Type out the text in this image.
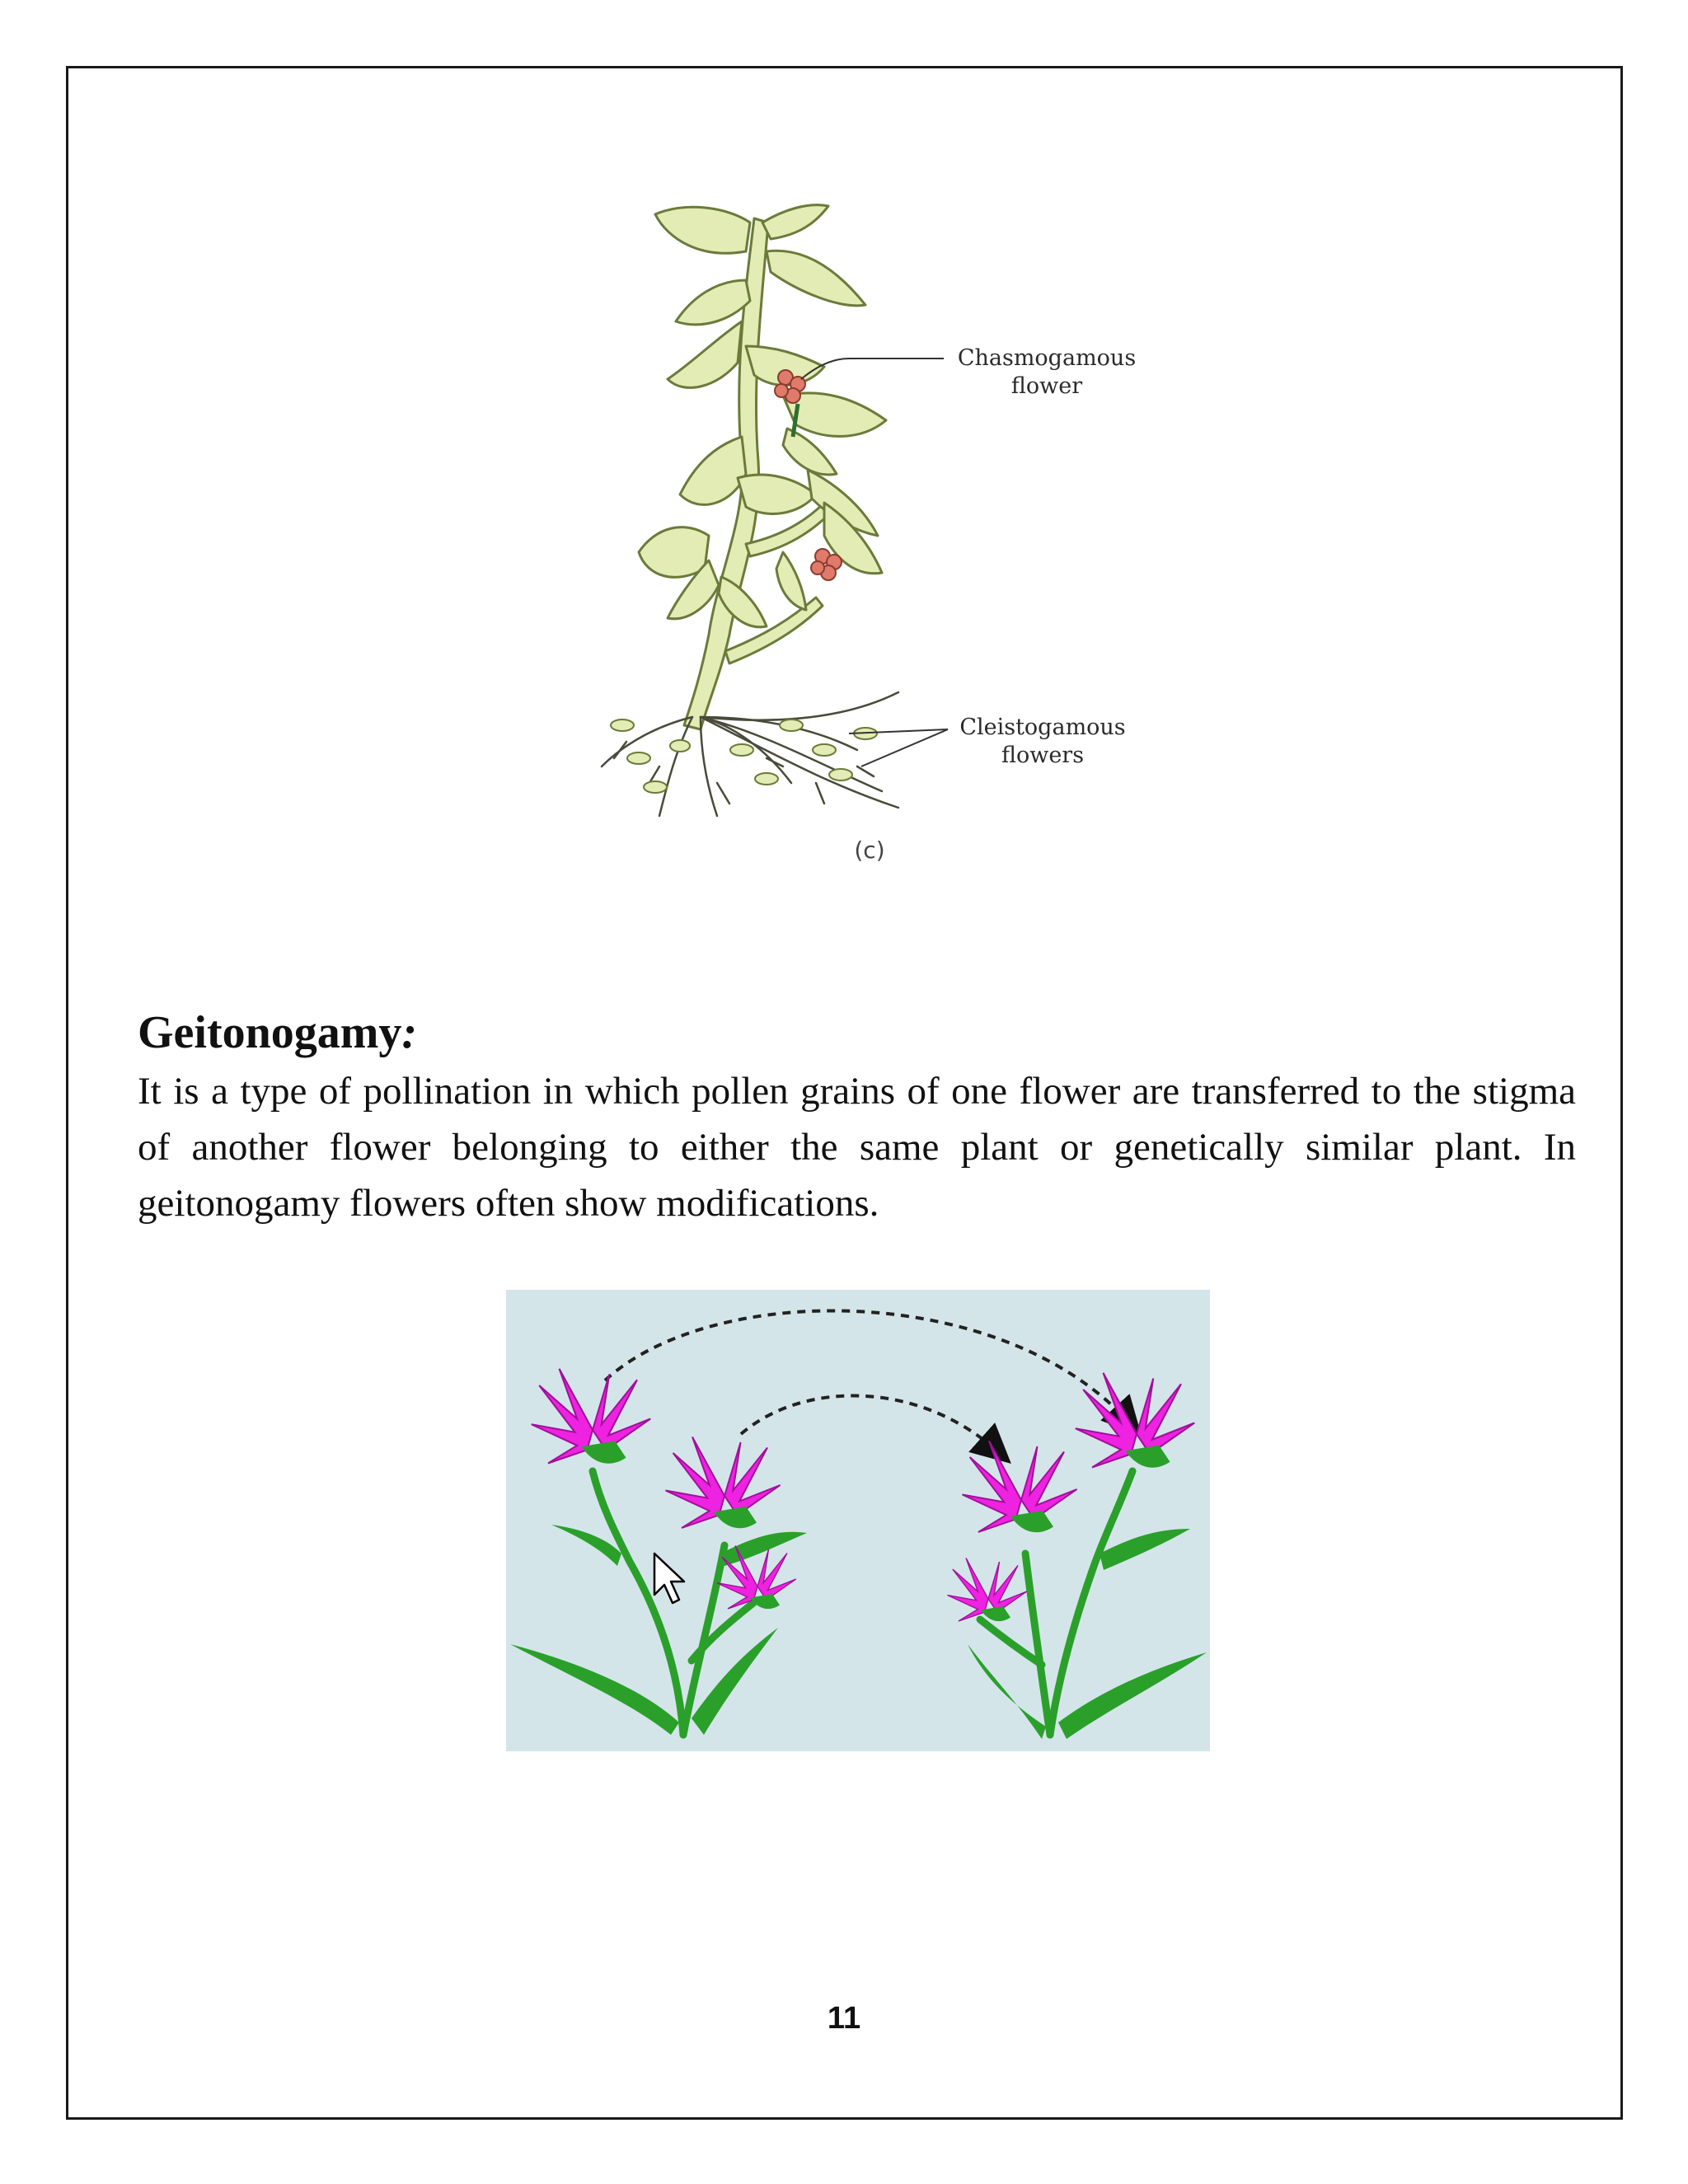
Chasmogamous
flower
Cleistogamous
flowers
(c)
Geitonogamy:

It is a type of pollination in which pollen grains of one flower are transferred to the stigma of another flower belonging to either the same plant or genetically similar plant. In geitonogamy flowers often show modifications.

11
